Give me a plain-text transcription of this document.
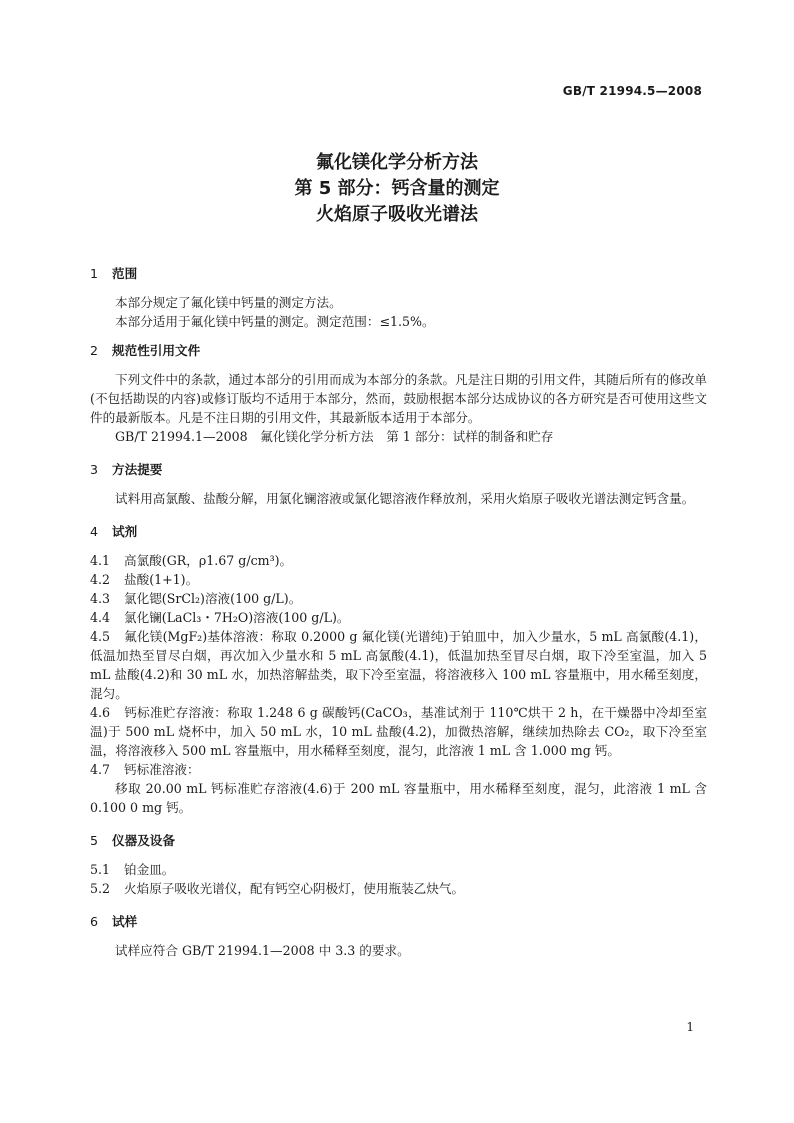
GB/T 21994.5—2008
氟化镁化学分析方法
第 5 部分：钙含量的测定
火焰原子吸收光谱法
1 范围

本部分规定了氟化镁中钙量的测定方法。

本部分适用于氟化镁中钙量的测定。测定范围：≤1.5%。

2 规范性引用文件

下列文件中的条款，通过本部分的引用而成为本部分的条款。凡是注日期的引用文件，其随后所有的修改单(不包括勘误的内容)或修订版均不适用于本部分，然而，鼓励根据本部分达成协议的各方研究是否可使用这些文件的最新版本。凡是不注日期的引用文件，其最新版本适用于本部分。

GB/T 21994.1—2008　氟化镁化学分析方法　第 1 部分：试样的制备和贮存

3 方法提要

试料用高氯酸、盐酸分解，用氯化镧溶液或氯化锶溶液作释放剂，采用火焰原子吸收光谱法测定钙含量。

4 试剂

4.1 高氯酸(GR，ρ1.67 g/cm³)。

4.2 盐酸(1+1)。

4.3 氯化锶(SrCl₂)溶液(100 g/L)。

4.4 氯化镧(LaCl₃・7H₂O)溶液(100 g/L)。

4.5 氟化镁(MgF₂)基体溶液：称取 0.2000 g 氟化镁(光谱纯)于铂皿中，加入少量水，5 mL 高氯酸(4.1)，低温加热至冒尽白烟，再次加入少量水和 5 mL 高氯酸(4.1)，低温加热至冒尽白烟，取下冷至室温，加入 5 mL 盐酸(4.2)和 30 mL 水，加热溶解盐类，取下冷至室温，将溶液移入 100 mL 容量瓶中，用水稀至刻度，混匀。

4.6 钙标准贮存溶液：称取 1.248 6 g 碳酸钙(CaCO₃，基准试剂于 110℃烘干 2 h，在干燥器中冷却至室温)于 500 mL 烧杯中，加入 50 mL 水，10 mL 盐酸(4.2)，加微热溶解，继续加热除去 CO₂，取下冷至室温，将溶液移入 500 mL 容量瓶中，用水稀释至刻度，混匀，此溶液 1 mL 含 1.000 mg 钙。

4.7 钙标准溶液：

移取 20.00 mL 钙标准贮存溶液(4.6)于 200 mL 容量瓶中，用水稀释至刻度，混匀，此溶液 1 mL 含 0.100 0 mg 钙。

5 仪器及设备

5.1 铂金皿。

5.2 火焰原子吸收光谱仪，配有钙空心阴极灯，使用瓶装乙炔气。

6 试样

试样应符合 GB/T 21994.1—2008 中 3.3 的要求。

1
